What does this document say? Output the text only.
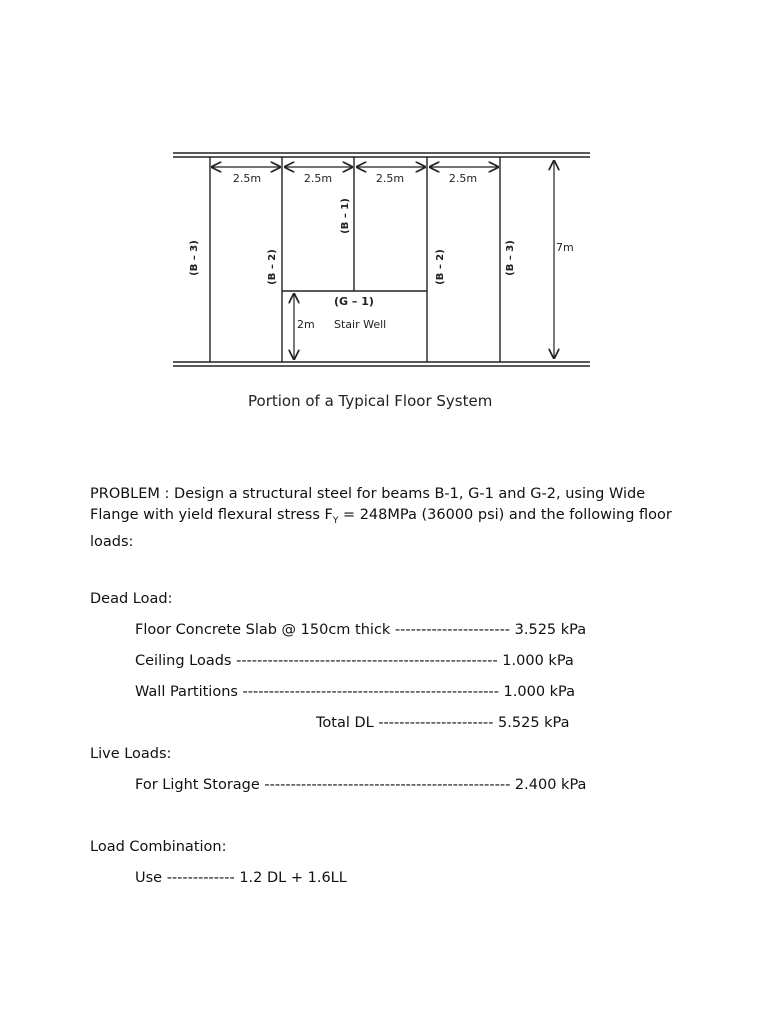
2.5m	2.5m	2.5m	2.5m
7m
2m Stair Well
(G – 1)
(B – 3)	(B – 2)
(B – 1)
(B – 2)	(B – 3)
Portion of a Typical Floor System
PROBLEM : Design a structural steel for beams B-1, G-1 and G-2, using Wide Flange with yield flexural stress $F_Y = 248MPa$ (36000 psi) and the following floor loads:
Dead Load:
Floor Concrete Slab @ 150cm thick ---------------------- 3.525 kPa
Ceiling Loads -------------------------------------------------- 1.000 kPa
Wall Partitions ------------------------------------------------- 1.000 kPa
Total DL ---------------------- 5.525 kPa
Live Loads:
For Light Storage ----------------------------------------------- 2.400 kPa
Load Combination:
Use ------------- 1.2 DL + 1.6LL
